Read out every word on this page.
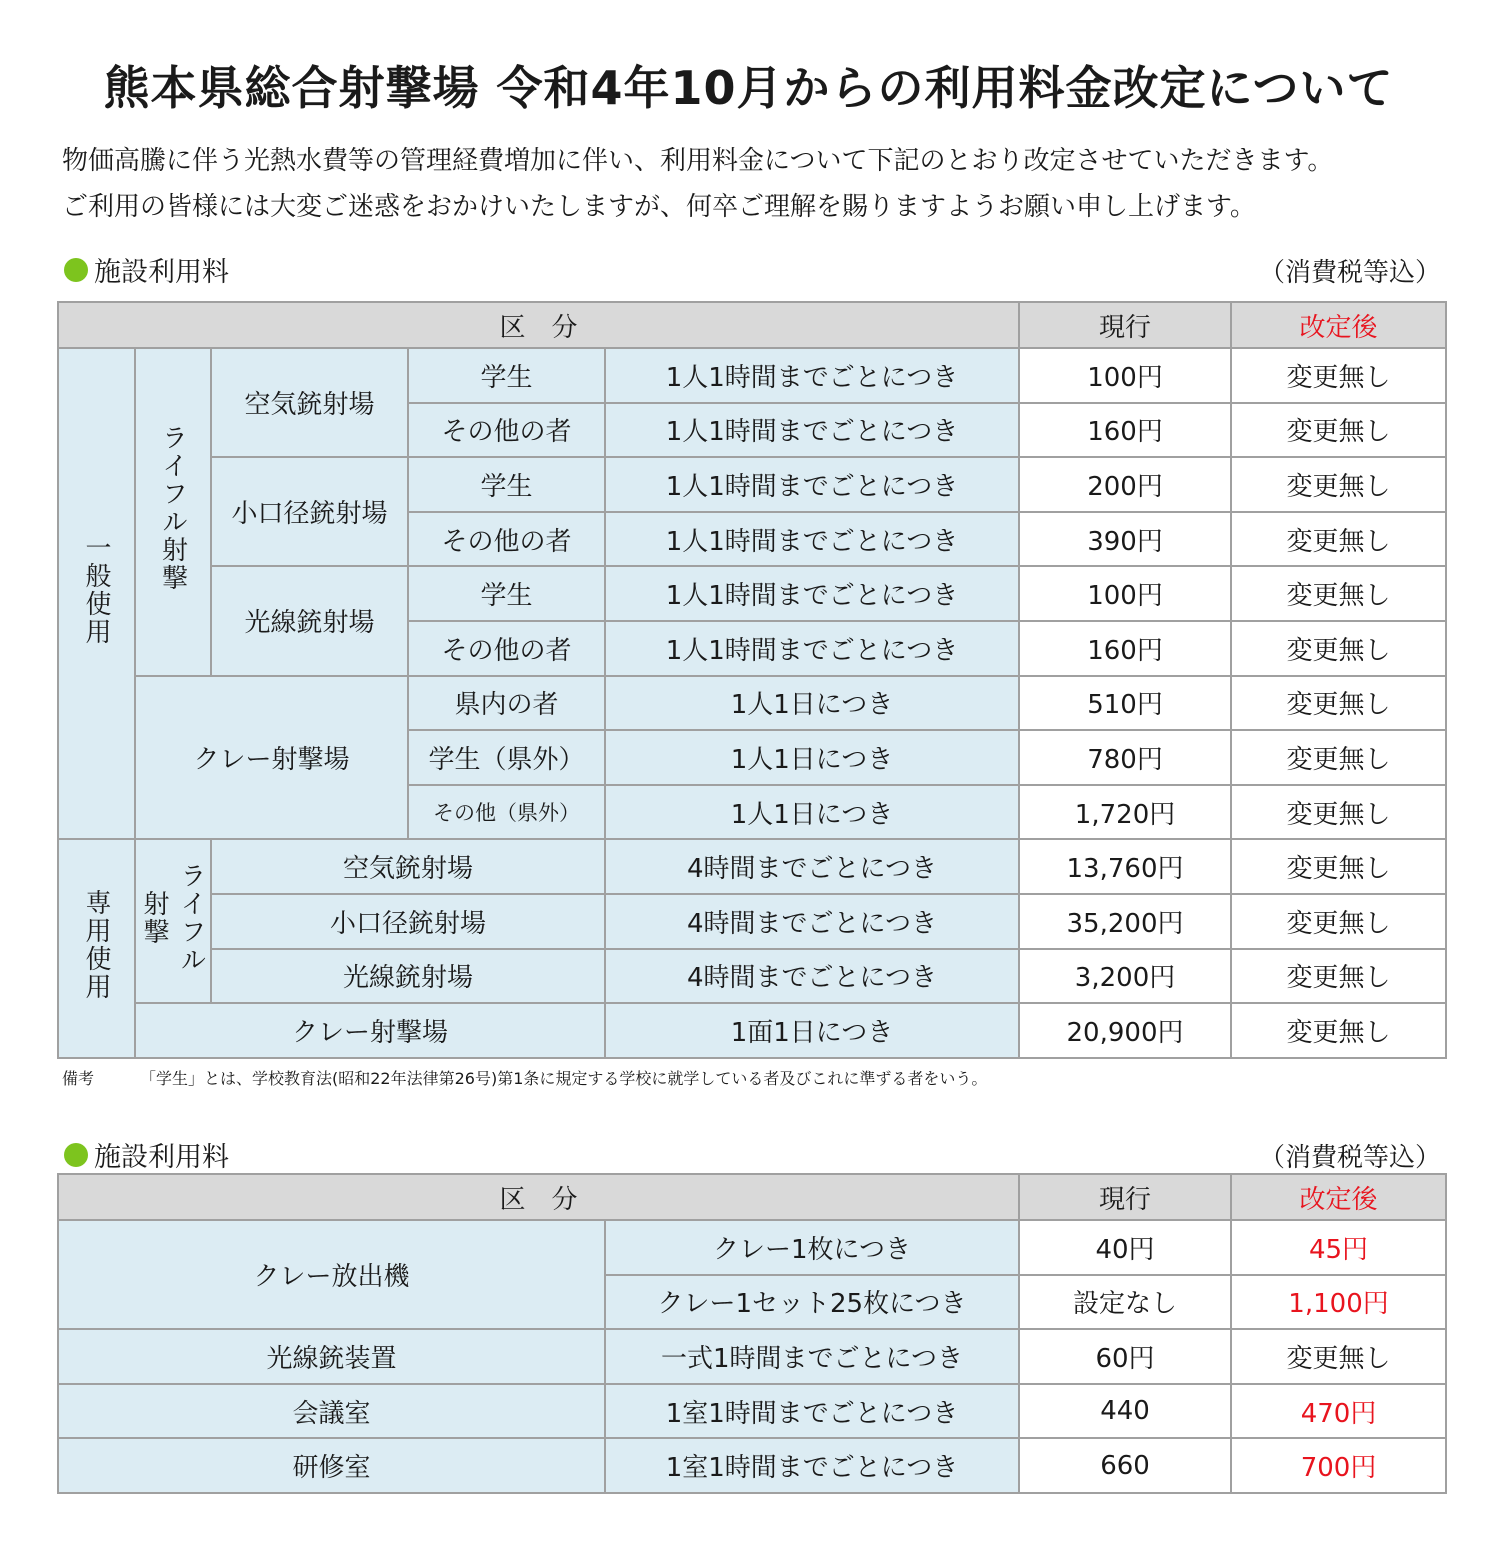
熊本県総合射撃場 令和4年10月からの利用料金改定について
物価高騰に伴う光熱水費等の管理経費増加に伴い、利用料金について下記のとおり改定させていただきます。
ご利用の皆様には大変ご迷惑をおかけいたしますが、何卒ご理解を賜りますようお願い申し上げます。
施設利用料	（消費税等込）
区　分					現行	改定後
一般使用	ライフル射撃	空気銃射場	学生	1人1時間までごとにつき	100円	変更無し
			その他の者	1人1時間までごとにつき	160円	変更無し
		小口径銃射場	学生	1人1時間までごとにつき	200円	変更無し
			その他の者	1人1時間までごとにつき	390円	変更無し
		光線銃射場	学生	1人1時間までごとにつき	100円	変更無し
			その他の者	1人1時間までごとにつき	160円	変更無し
	クレー射撃場		県内の者	1人1日につき	510円	変更無し
			学生（県外）	1人1日につき	780円	変更無し
			その他（県外）	1人1日につき	1,720円	変更無し
専用使用	ライフル射撃	空気銃射場		4時間までごとにつき	13,760円	変更無し
		小口径銃射場		4時間までごとにつき	35,200円	変更無し
		光線銃射場		4時間までごとにつき	3,200円	変更無し
	クレー射撃場			1面1日につき	20,900円	変更無し
備考	「学生」とは、学校教育法(昭和22年法律第26号)第1条に規定する学校に就学している者及びこれに準ずる者をいう。
施設利用料	（消費税等込）
区　分		現行	改定後
クレー放出機	クレー1枚につき	40円	45円
	クレー1セット25枚につき	設定なし	1,100円
光線銃装置	一式1時間までごとにつき	60円	変更無し
会議室	1室1時間までごとにつき	440	470円
研修室	1室1時間までごとにつき	660	700円
